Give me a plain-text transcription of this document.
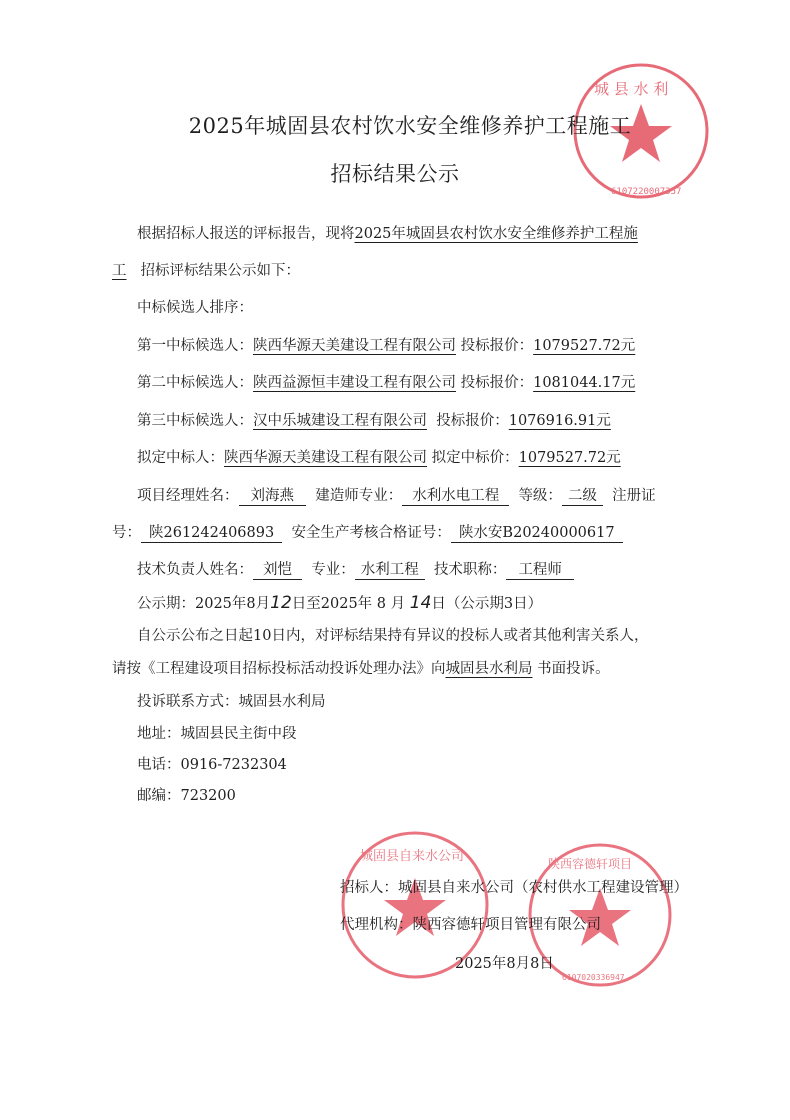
城 县 水 利
6107220007357
城固县自来水公司	陕西容德轩项目
6107020336947
2025年城固县农村饮水安全维修养护工程施工
招标结果公示
根据招标人报送的评标报告，现将2025年城固县农村饮水安全维修养护工程施
工 招标评标结果公示如下：
中标候选人排序：
第一中标候选人：陕西华源天美建设工程有限公司 投标报价：1079527.72元
第二中标候选人：陕西益源恒丰建设工程有限公司 投标报价：1081044.17元
第三中标候选人：汉中乐城建设工程有限公司 投标报价：1076916.91元
拟定中标人：陕西华源天美建设工程有限公司 拟定中标价：1079527.72元
项目经理姓名： 刘海燕 建造师专业： 水利水电工程 等级： 二级 注册证
号： 陕261242406893 安全生产考核合格证号： 陕水安B20240000617
技术负责人姓名： 刘恺 专业： 水利工程 技术职称： 工程师
公示期：2025年8月12日至2025年 8 月 14日（公示期3日）
自公示公布之日起10日内，对评标结果持有异议的投标人或者其他利害关系人，
请按《工程建设项目招标投标活动投诉处理办法》向城固县水利局 书面投诉。
投诉联系方式：城固县水利局
地址：城固县民主街中段
电话：0916-7232304
邮编：723200
招标人：城固县自来水公司（农村供水工程建设管理）
代理机构：陕西容德轩项目管理有限公司
2025年8月8日
